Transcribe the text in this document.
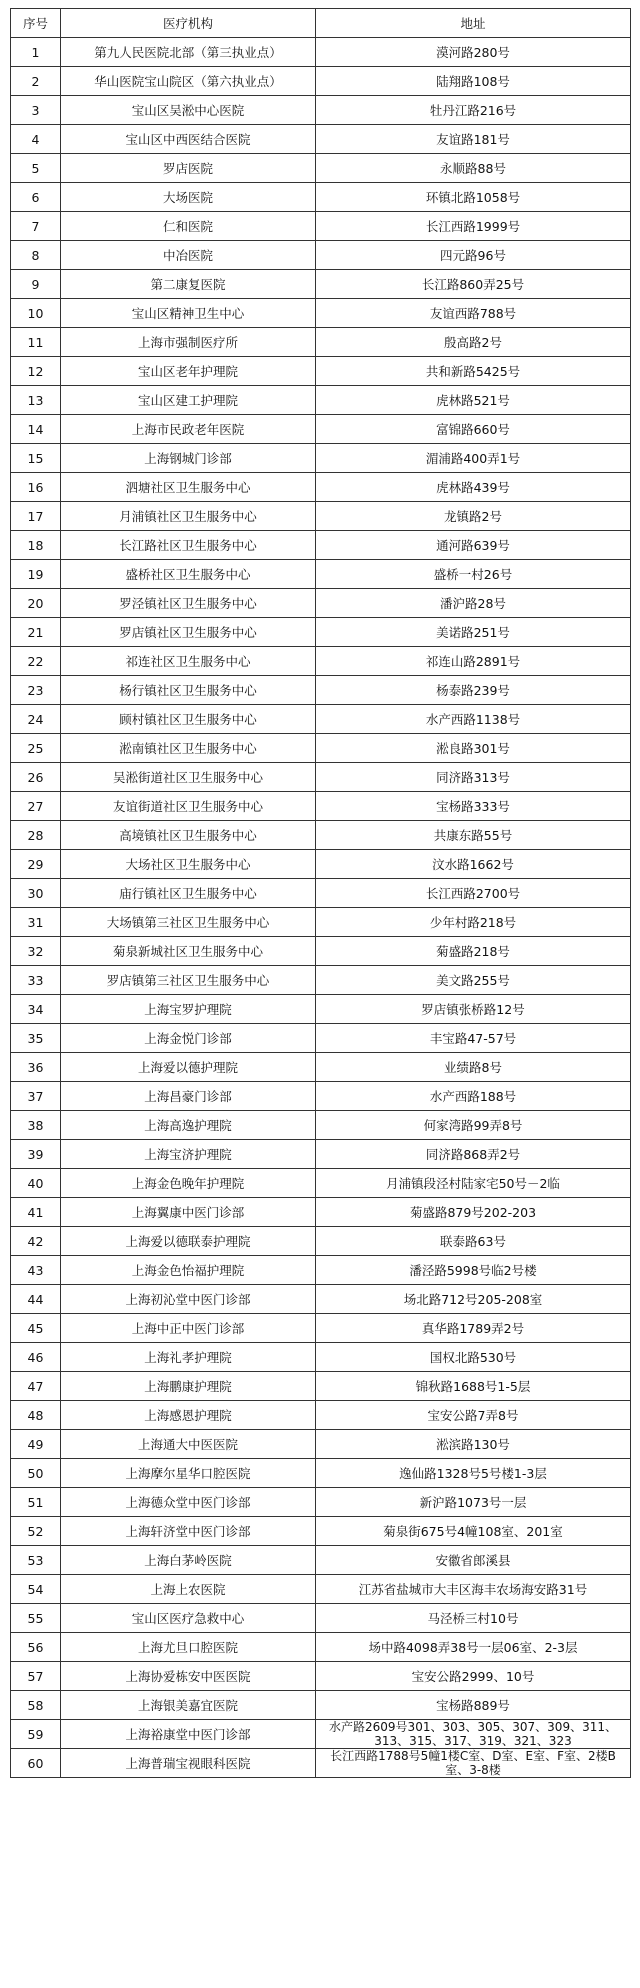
序号	医疗机构	地址
1	第九人民医院北部（第三执业点）	漠河路280号
2	华山医院宝山院区（第六执业点）	陆翔路108号
3	宝山区吴淞中心医院	牡丹江路216号
4	宝山区中西医结合医院	友谊路181号
5	罗店医院	永顺路88号
6	大场医院	环镇北路1058号
7	仁和医院	长江西路1999号
8	中冶医院	四元路96号
9	第二康复医院	长江路860弄25号
10	宝山区精神卫生中心	友谊西路788号
11	上海市强制医疗所	殷高路2号
12	宝山区老年护理院	共和新路5425号
13	宝山区建工护理院	虎林路521号
14	上海市民政老年医院	富锦路660号
15	上海钢城门诊部	湄浦路400弄1号
16	泗塘社区卫生服务中心	虎林路439号
17	月浦镇社区卫生服务中心	龙镇路2号
18	长江路社区卫生服务中心	通河路639号
19	盛桥社区卫生服务中心	盛桥一村26号
20	罗泾镇社区卫生服务中心	潘沪路28号
21	罗店镇社区卫生服务中心	美诺路251号
22	祁连社区卫生服务中心	祁连山路2891号
23	杨行镇社区卫生服务中心	杨泰路239号
24	顾村镇社区卫生服务中心	水产西路1138号
25	淞南镇社区卫生服务中心	淞良路301号
26	吴淞街道社区卫生服务中心	同济路313号
27	友谊街道社区卫生服务中心	宝杨路333号
28	高境镇社区卫生服务中心	共康东路55号
29	大场社区卫生服务中心	汶水路1662号
30	庙行镇社区卫生服务中心	长江西路2700号
31	大场镇第三社区卫生服务中心	少年村路218号
32	菊泉新城社区卫生服务中心	菊盛路218号
33	罗店镇第三社区卫生服务中心	美文路255号
34	上海宝罗护理院	罗店镇张桥路12号
35	上海金悦门诊部	丰宝路47-57号
36	上海爱以德护理院	业绩路8号
37	上海昌豪门诊部	水产西路188号
38	上海高逸护理院	何家湾路99弄8号
39	上海宝济护理院	同济路868弄2号
40	上海金色晚年护理院	月浦镇段泾村陆家宅50号－2临
41	上海翼康中医门诊部	菊盛路879号202-203
42	上海爱以德联泰护理院	联泰路63号
43	上海金色怡福护理院	潘泾路5998号临2号楼
44	上海初沁堂中医门诊部	场北路712号205-208室
45	上海中正中医门诊部	真华路1789弄2号
46	上海礼孝护理院	国权北路530号
47	上海鹏康护理院	锦秋路1688号1-5层
48	上海感恩护理院	宝安公路7弄8号
49	上海通大中医医院	淞滨路130号
50	上海摩尔星华口腔医院	逸仙路1328号5号楼1-3层
51	上海德众堂中医门诊部	新沪路1073号一层
52	上海轩济堂中医门诊部	菊泉街675号4幢108室、201室
53	上海白茅岭医院	安徽省郎溪县
54	上海上农医院	江苏省盐城市大丰区海丰农场海安路31号
55	宝山区医疗急救中心	马泾桥三村10号
56	上海尤旦口腔医院	场中路4098弄38号一层06室、2-3层
57	上海协爱栋安中医医院	宝安公路2999、10号
58	上海银美嘉宜医院	宝杨路889号
59	上海裕康堂中医门诊部	水产路2609号301、303、305、307、309、311、313、315、317、319、321、323
60	上海普瑞宝视眼科医院	长江西路1788号5幢1楼C室、D室、E室、F室、2楼B室、3-8楼
